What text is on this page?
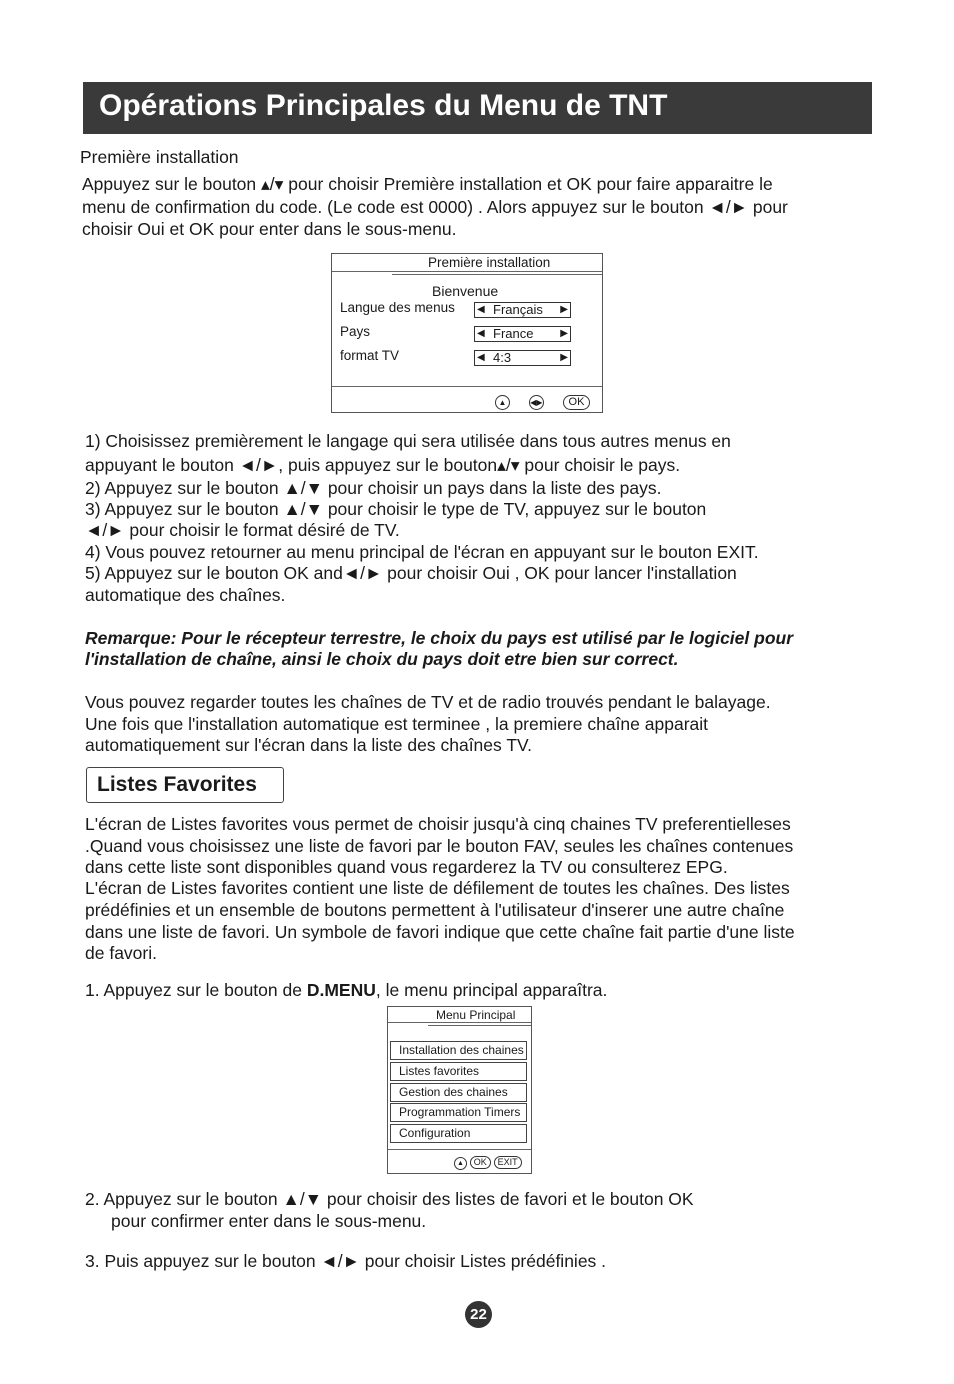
Opérations Principales du Menu de TNT
Première installation
Appuyez sur le bouton ▴/▾ pour choisir Première installation et OK pour faire apparaitre le
menu de confirmation du code. (Le code est 0000) . Alors appuyez sur le bouton ◄/► pour
choisir Oui et OK pour enter dans le sous-menu.
Première installation
Bienvenue
Langue des menus ◀ Français ▶
Pays	◀ France	▶
format TV	◀ 4:3	▶
▲	◀▶ OK
1) Choisissez premièrement le langage qui sera utilisée dans tous autres menus en
appuyant le bouton ◄/►, puis appuyez sur le bouton▴/▾ pour choisir le pays.
2) Appuyez sur le bouton ▲/▼ pour choisir un pays dans la liste des pays.
3) Appuyez sur le bouton ▲/▼ pour choisir le type de TV, appuyez sur le bouton
◄/► pour choisir le format désiré de TV.
4) Vous pouvez retourner au menu principal de l'écran en appuyant sur le bouton EXIT.
5) Appuyez sur le bouton OK and◄/► pour choisir Oui , OK pour lancer l'installation
automatique des chaînes.
Remarque: Pour le récepteur terrestre, le choix du pays est utilisé par le logiciel pour
l'installation de chaîne, ainsi le choix du pays doit etre bien sur correct.
Vous pouvez regarder toutes les chaînes de TV et de radio trouvés pendant le balayage.
Une fois que l'installation automatique est terminee , la premiere chaîne apparait
automatiquement sur l'écran dans la liste des chaînes TV.
Listes Favorites
L'écran de Listes favorites vous permet de choisir jusqu'à cinq chaines TV preferentielleses
.Quand vous choisissez une liste de favori par le bouton FAV, seules les chaînes contenues
dans cette liste sont disponibles quand vous regarderez la TV ou consulterez EPG.
L'écran de Listes favorites contient une liste de défilement de toutes les chaînes. Des listes
prédéfinies et un ensemble de boutons permettent à l'utilisateur d'inserer une autre chaîne
dans une liste de favori. Un symbole de favori indique que cette chaîne fait partie d'une liste
de favori.
1. Appuyez sur le bouton de D.MENU, le menu principal apparaîtra.
Menu Principal
Installation des chaines
Listes favorites
Gestion des chaines
Programmation Timers
Configuration
▲ OK EXIT
2. Appuyez sur le bouton ▲/▼ pour choisir des listes de favori et le bouton OK
pour confirmer enter dans le sous-menu.
3. Puis appuyez sur le bouton ◄/► pour choisir Listes prédéfinies .
22
